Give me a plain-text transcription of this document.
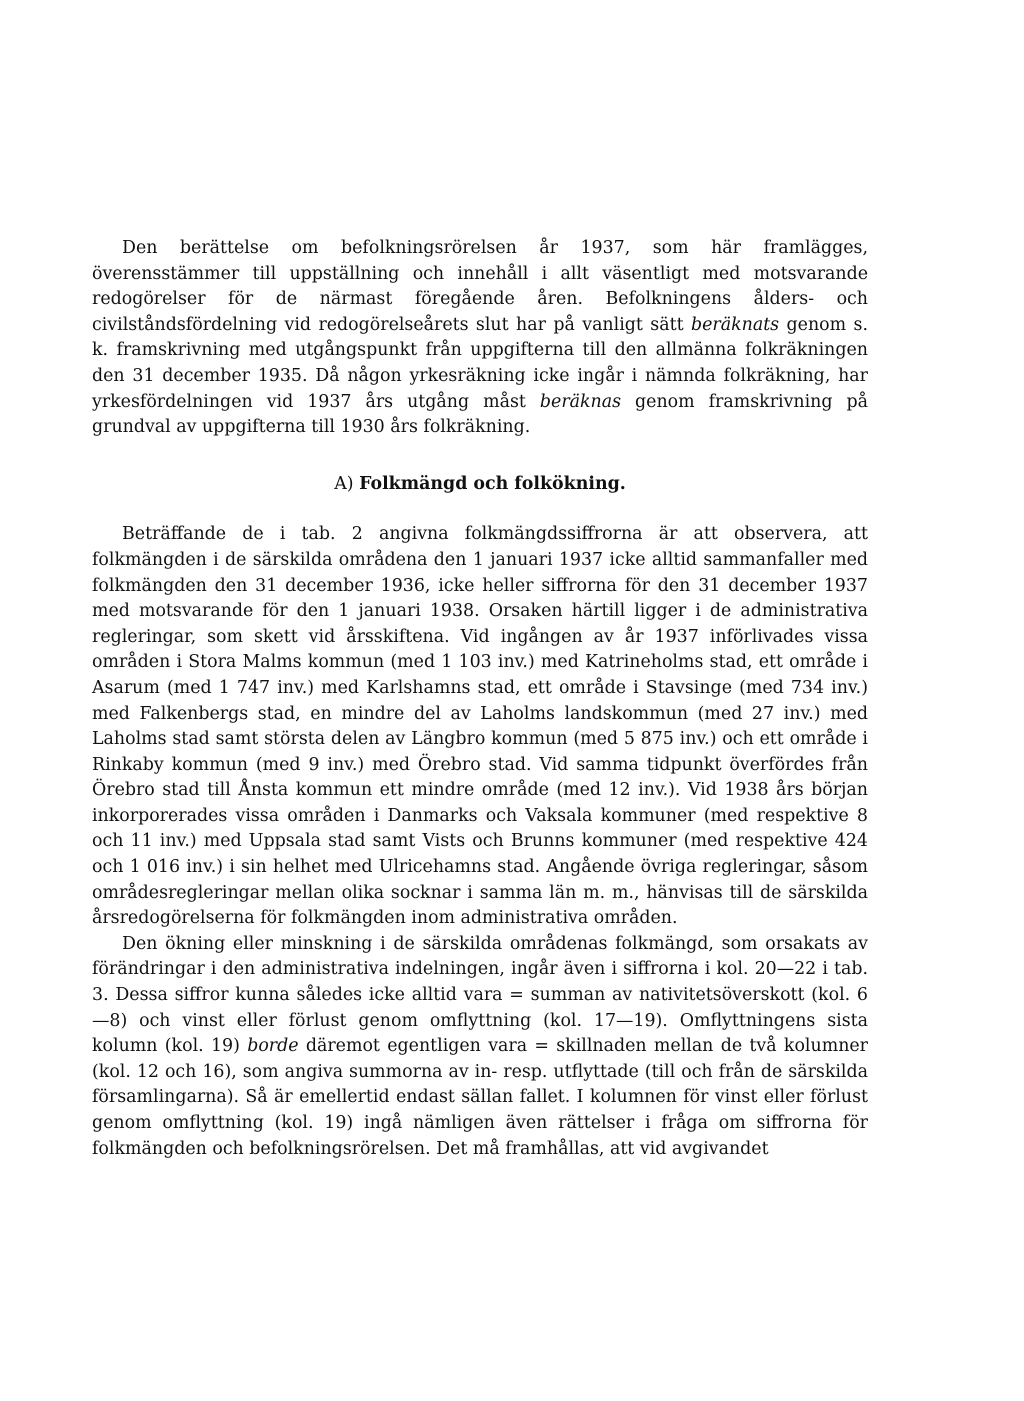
Den berättelse om befolkningsrörelsen år 1937, som här framlägges, överensstämmer till uppställning och innehåll i allt väsentligt med motsvarande redogörelser för de närmast föregående åren. Befolkningens ålders- och civilståndsfördelning vid redogörelseårets slut har på vanligt sätt beräknats genom s. k. framskrivning med utgångspunkt från uppgifterna till den allmänna folkräkningen den 31 december 1935. Då någon yrkesräkning icke ingår i nämnda folkräkning, har yrkesfördelningen vid 1937 års utgång måst beräknas genom framskrivning på grundval av uppgifterna till 1930 års folkräkning.

A) Folkmängd och folkökning.

Beträffande de i tab. 2 angivna folkmängdssiffrorna är att observera, att folkmängden i de särskilda områdena den 1 januari 1937 icke alltid sammanfaller med folkmängden den 31 december 1936, icke heller siffrorna för den 31 december 1937 med motsvarande för den 1 januari 1938. Orsaken härtill ligger i de administrativa regleringar, som skett vid årsskiftena. Vid ingången av år 1937 införlivades vissa områden i Stora Malms kommun (med 1 103 inv.) med Katrineholms stad, ett område i Asarum (med 1 747 inv.) med Karlshamns stad, ett område i Stavsinge (med 734 inv.) med Falkenbergs stad, en mindre del av Laholms landskommun (med 27 inv.) med Laholms stad samt största delen av Längbro kommun (med 5 875 inv.) och ett område i Rinkaby kommun (med 9 inv.) med Örebro stad. Vid samma tidpunkt överfördes från Örebro stad till Ånsta kommun ett mindre område (med 12 inv.). Vid 1938 års början inkorporerades vissa områden i Danmarks och Vaksala kommuner (med respektive 8 och 11 inv.) med Uppsala stad samt Vists och Brunns kommuner (med respektive 424 och 1 016 inv.) i sin helhet med Ulricehamns stad. Angående övriga regleringar, såsom områdesregleringar mellan olika socknar i samma län m. m., hänvisas till de särskilda årsredogörelserna för folkmängden inom administrativa områden.

Den ökning eller minskning i de särskilda områdenas folkmängd, som orsakats av förändringar i den administrativa indelningen, ingår även i siffrorna i kol. 20—22 i tab. 3. Dessa siffror kunna således icke alltid vara = summan av nativitetsöverskott (kol. 6—8) och vinst eller förlust genom omflyttning (kol. 17—19). Omflyttningens sista kolumn (kol. 19) borde däremot egentligen vara = skillnaden mellan de två kolumner (kol. 12 och 16), som angiva summorna av in- resp. utflyttade (till och från de särskilda församlingarna). Så är emellertid endast sällan fallet. I kolumnen för vinst eller förlust genom omflyttning (kol. 19) ingå nämligen även rättelser i fråga om siffrorna för folkmängden och befolkningsrörelsen. Det må framhållas, att vid avgivandet
